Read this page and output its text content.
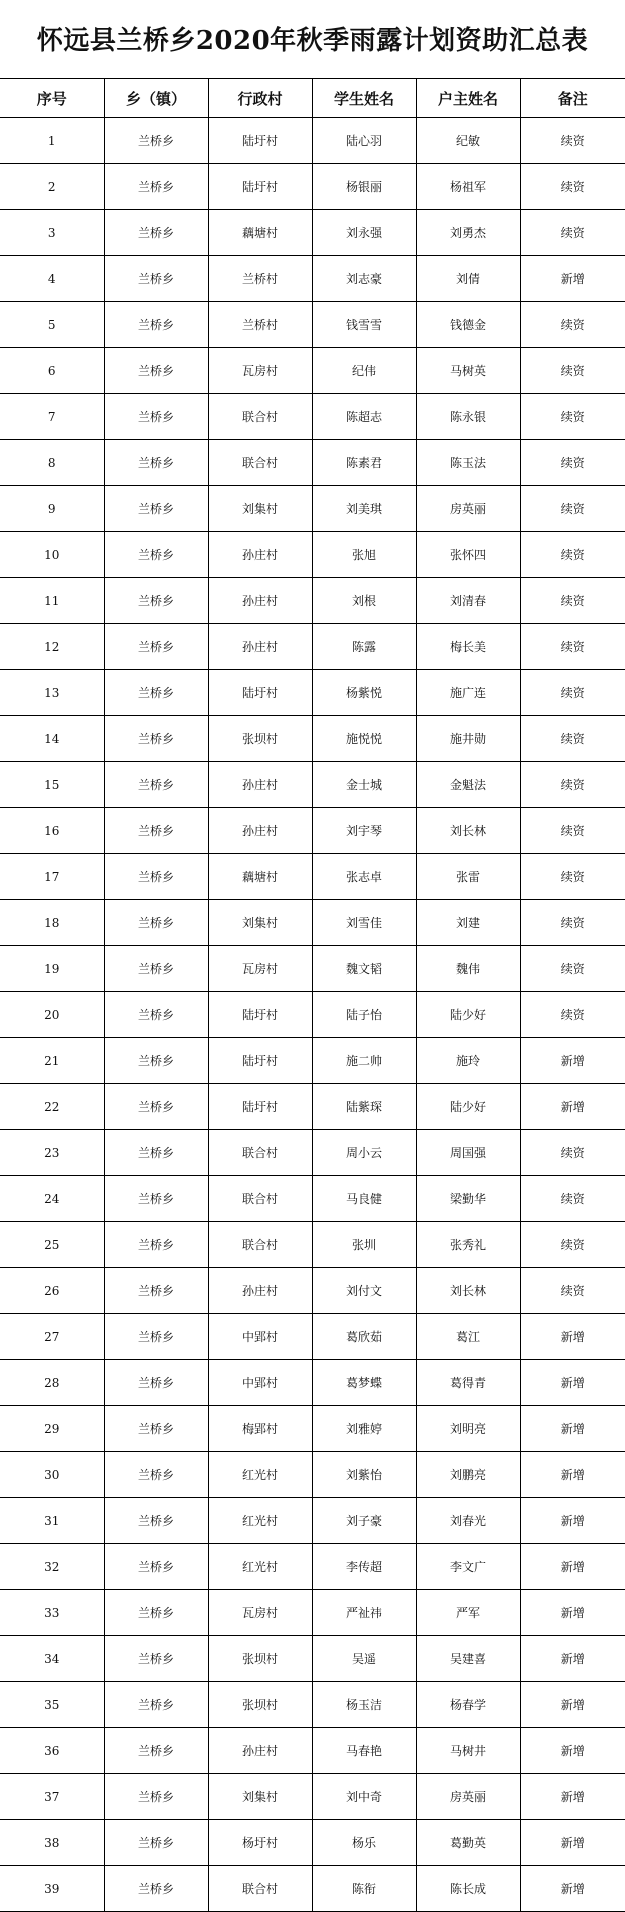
怀远县兰桥乡2020年秋季雨露计划资助汇总表
序号	乡（镇）	行政村	学生姓名	户主姓名	备注
1	兰桥乡	陆圩村	陆心羽	纪敏	续资
2	兰桥乡	陆圩村	杨银丽	杨祖军	续资
3	兰桥乡	藕塘村	刘永强	刘勇杰	续资
4	兰桥乡	兰桥村	刘志豪	刘倩	新增
5	兰桥乡	兰桥村	钱雪雪	钱德金	续资
6	兰桥乡	瓦房村	纪伟	马树英	续资
7	兰桥乡	联合村	陈超志	陈永银	续资
8	兰桥乡	联合村	陈素君	陈玉法	续资
9	兰桥乡	刘集村	刘美琪	房英丽	续资
10	兰桥乡	孙庄村	张旭	张怀四	续资
11	兰桥乡	孙庄村	刘根	刘清春	续资
12	兰桥乡	孙庄村	陈露	梅长美	续资
13	兰桥乡	陆圩村	杨紫悦	施广连	续资
14	兰桥乡	张坝村	施悦悦	施井勋	续资
15	兰桥乡	孙庄村	金士城	金魁法	续资
16	兰桥乡	孙庄村	刘宇琴	刘长林	续资
17	兰桥乡	藕塘村	张志卓	张雷	续资
18	兰桥乡	刘集村	刘雪佳	刘建	续资
19	兰桥乡	瓦房村	魏文韬	魏伟	续资
20	兰桥乡	陆圩村	陆子怡	陆少好	续资
21	兰桥乡	陆圩村	施二帅	施玲	新增
22	兰桥乡	陆圩村	陆紫琛	陆少好	新增
23	兰桥乡	联合村	周小云	周国强	续资
24	兰桥乡	联合村	马良健	梁勤华	续资
25	兰桥乡	联合村	张圳	张秀礼	续资
26	兰桥乡	孙庄村	刘付文	刘长林	续资
27	兰桥乡	中郢村	葛欣茹	葛江	新增
28	兰桥乡	中郢村	葛梦蝶	葛得青	新增
29	兰桥乡	梅郢村	刘雅婷	刘明亮	新增
30	兰桥乡	红光村	刘紫怡	刘鹏亮	新增
31	兰桥乡	红光村	刘子豪	刘春光	新增
32	兰桥乡	红光村	李传超	李文广	新增
33	兰桥乡	瓦房村	严祉祎	严军	新增
34	兰桥乡	张坝村	吴遥	吴建喜	新增
35	兰桥乡	张坝村	杨玉洁	杨春学	新增
36	兰桥乡	孙庄村	马春艳	马树井	新增
37	兰桥乡	刘集村	刘中奇	房英丽	新增
38	兰桥乡	杨圩村	杨乐	葛勤英	新增
39	兰桥乡	联合村	陈衔	陈长成	新增
